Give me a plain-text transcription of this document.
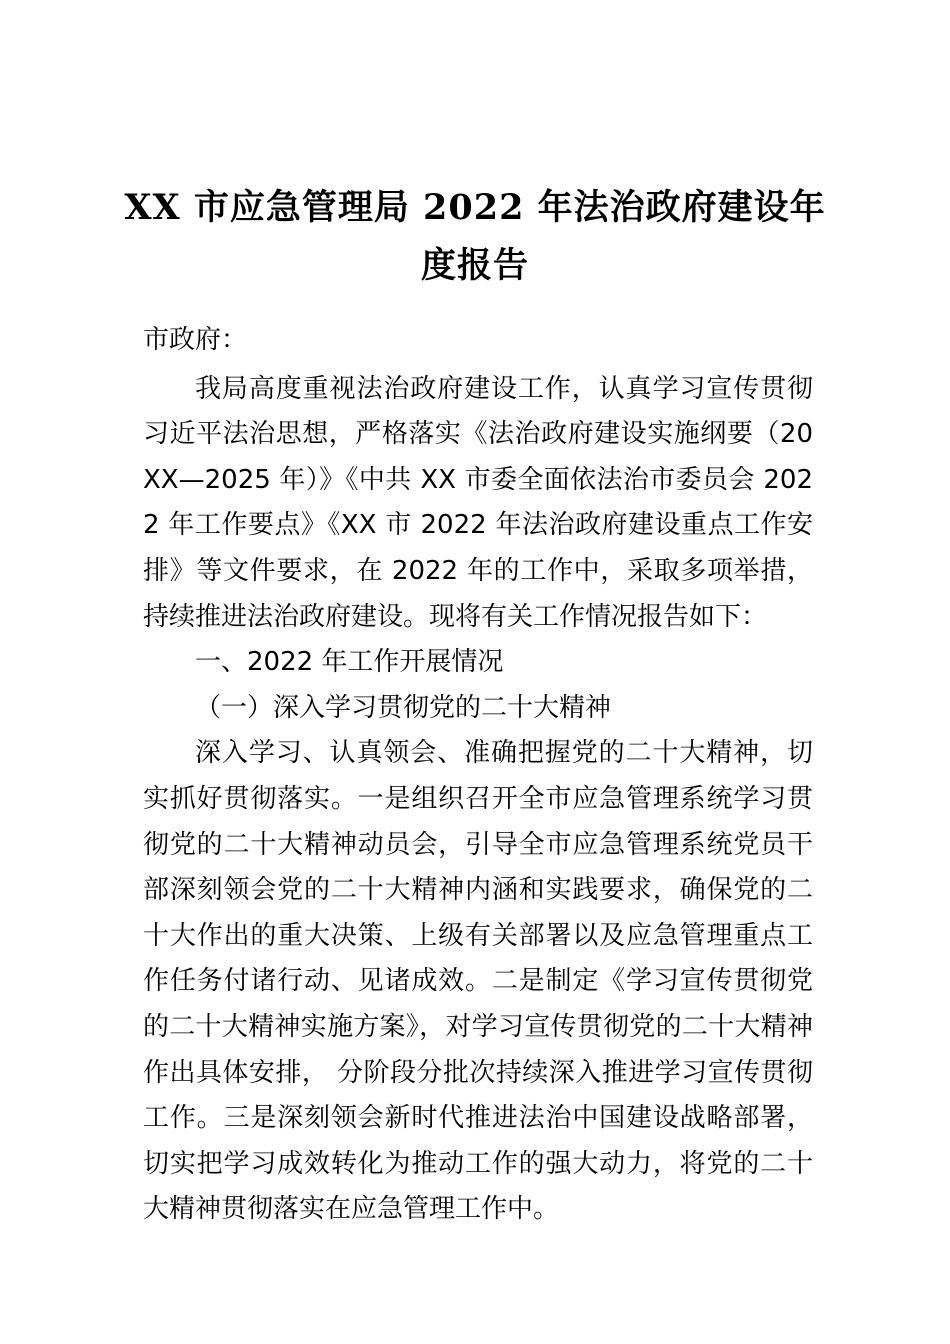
XX 市应急管理局 2022 年法治政府建设年
度报告

市政府：

我局高度重视法治政府建设工作，认真学习宣传贯彻习近平法治思想，严格落实《法治政府建设实施纲要（20XX—2025 年）》《中共 XX 市委全面依法治市委员会 2022 年工作要点》《XX 市 2022 年法治政府建设重点工作安排》等文件要求，在 2022 年的工作中，采取多项举措，持续推进法治政府建设。现将有关工作情况报告如下：

一、2022 年工作开展情况

（一）深入学习贯彻党的二十大精神

深入学习、认真领会、准确把握党的二十大精神，切实抓好贯彻落实。一是组织召开全市应急管理系统学习贯彻党的二十大精神动员会，引导全市应急管理系统党员干部深刻领会党的二十大精神内涵和实践要求，确保党的二十大作出的重大决策、上级有关部署以及应急管理重点工作任务付诸行动、见诸成效。二是制定《学习宣传贯彻党的二十大精神实施方案》，对学习宣传贯彻党的二十大精神作出具体安排， 分阶段分批次持续深入推进学习宣传贯彻工作。三是深刻领会新时代推进法治中国建设战略部署，切实把学习成效转化为推动工作的强大动力，将党的二十大精神贯彻落实在应急管理工作中。
